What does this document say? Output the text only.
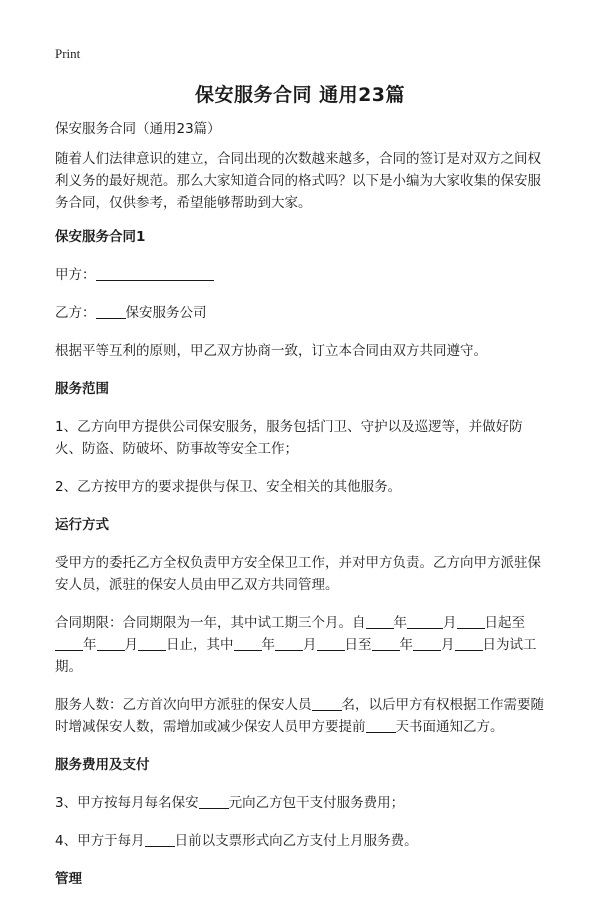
Print
保安服务合同 通用23篇

保安服务合同（通用23篇）

随着人们法律意识的建立，合同出现的次数越来越多，合同的签订是对双方之间权利义务的最好规范。那么大家知道合同的格式吗？以下是小编为大家收集的保安服务合同，仅供参考，希望能够帮助到大家。

保安服务合同1

甲方：

乙方： 保安服务公司

根据平等互利的原则，甲乙双方协商一致，订立本合同由双方共同遵守。

服务范围

1、乙方向甲方提供公司保安服务，服务包括门卫、守护以及巡逻等，并做好防火、防盗、防破坏、防事故等安全工作；

2、乙方按甲方的要求提供与保卫、安全相关的其他服务。

运行方式

受甲方的委托乙方全权负责甲方安全保卫工作，并对甲方负责。乙方向甲方派驻保安人员，派驻的保安人员由甲乙双方共同管理。

合同期限：合同期限为一年，其中试工期三个月。自 年	月 日起至年 月 日止，其中 年 月 日至 年 月 日为试工期。

服务人数：乙方首次向甲方派驻的保安人员 名，以后甲方有权根据工作需要随时增减保安人数，需增加或减少保安人员甲方要提前 天书面通知乙方。

服务费用及支付

3、甲方按每月每名保安 元向乙方包干支付服务费用；

4、甲方于每月 日前以支票形式向乙方支付上月服务费。

管理
